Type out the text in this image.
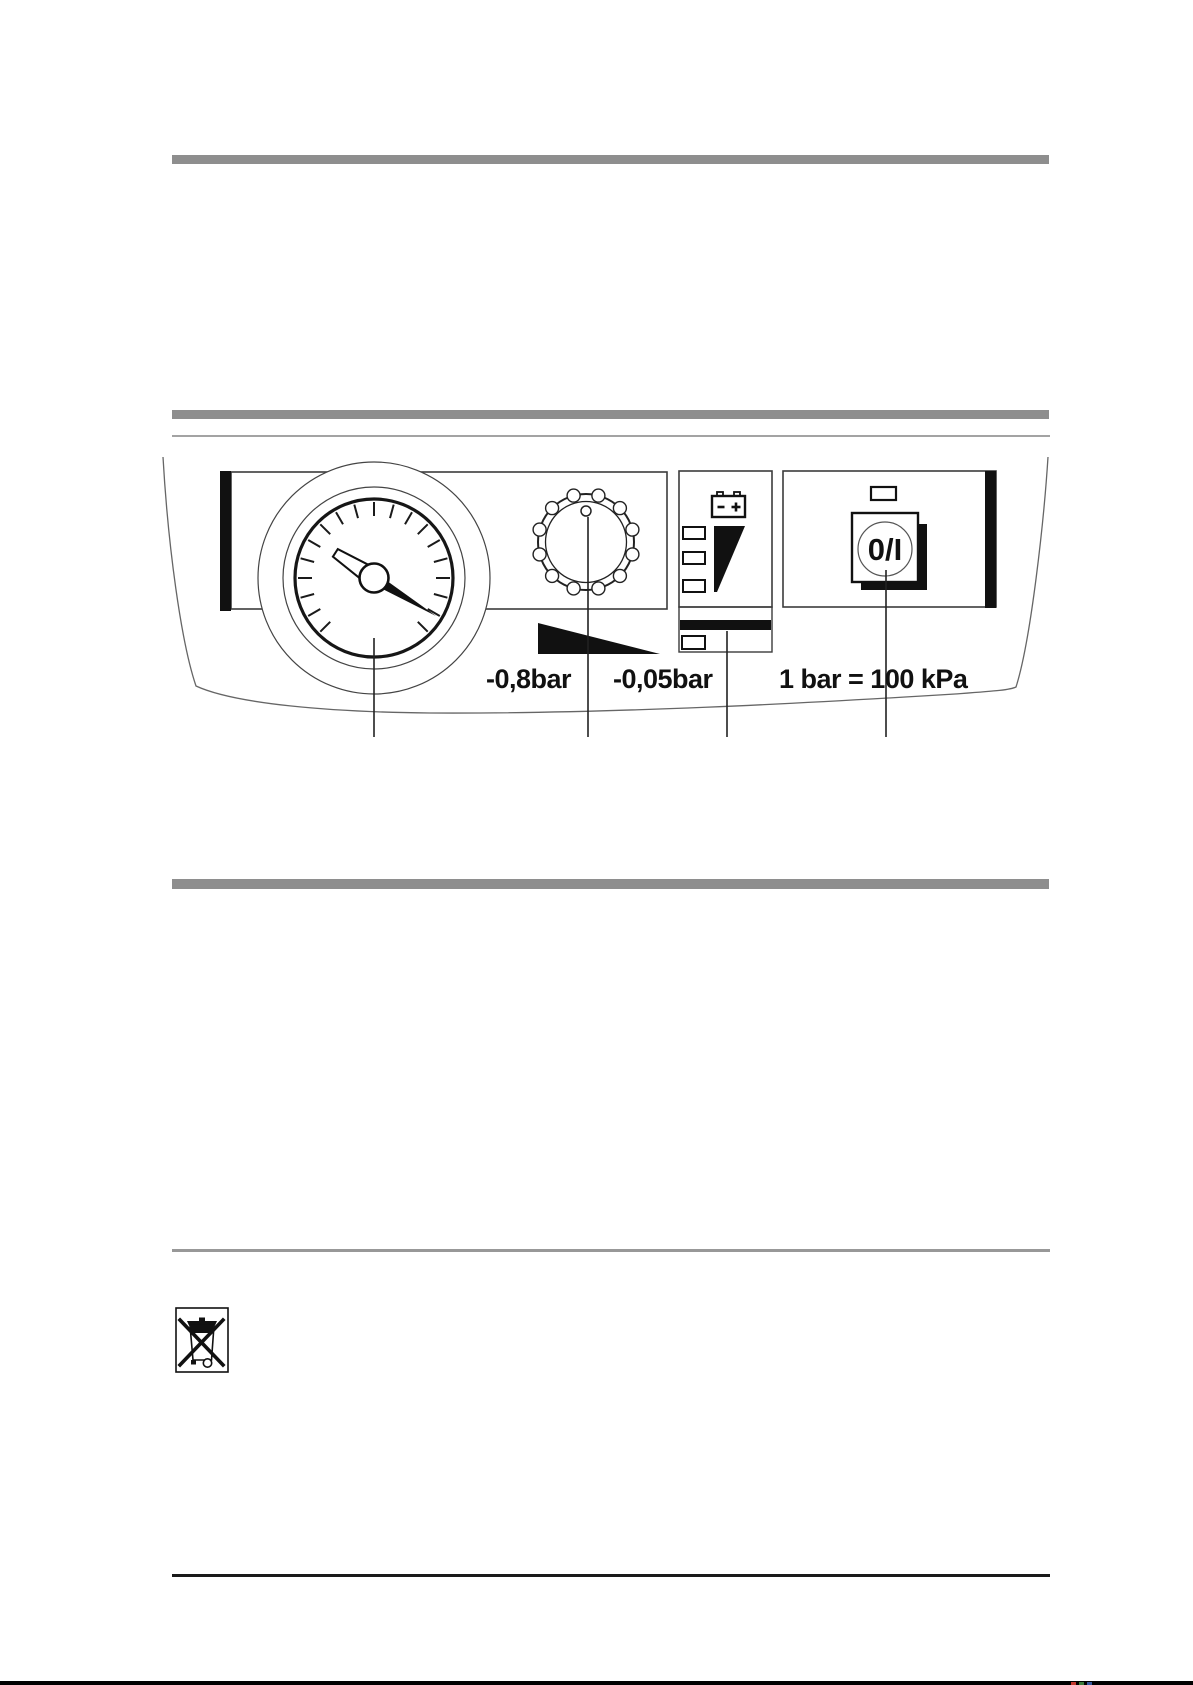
0/I
-0,8bar -0,05bar 1 bar = 100 kPa
